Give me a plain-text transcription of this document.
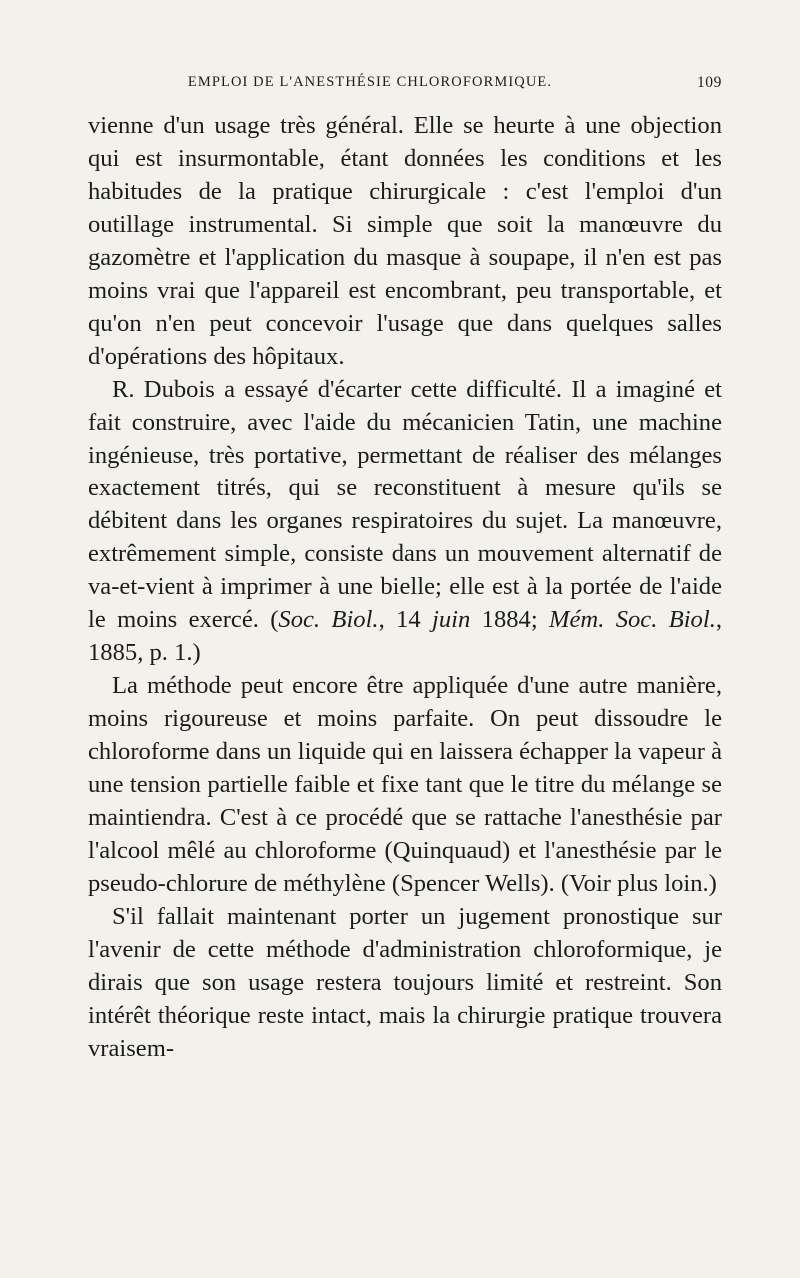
EMPLOI DE L'ANESTHÉSIE CHLOROFORMIQUE.	109

vienne d'un usage très général. Elle se heurte à une objection qui est insurmontable, étant données les conditions et les habitudes de la pratique chirurgicale : c'est l'emploi d'un outillage instrumental. Si simple que soit la manœuvre du gazomètre et l'application du masque à soupape, il n'en est pas moins vrai que l'appareil est encombrant, peu transportable, et qu'on n'en peut concevoir l'usage que dans quelques salles d'opérations des hôpitaux.

R. Dubois a essayé d'écarter cette difficulté. Il a imaginé et fait construire, avec l'aide du mécanicien Tatin, une machine ingénieuse, très portative, permettant de réaliser des mélanges exactement titrés, qui se reconstituent à mesure qu'ils se débitent dans les organes respiratoires du sujet. La manœuvre, extrêmement simple, consiste dans un mouvement alternatif de va-et-vient à imprimer à une bielle; elle est à la portée de l'aide le moins exercé. (Soc. Biol., 14 juin 1884; Mém. Soc. Biol., 1885, p. 1.)

La méthode peut encore être appliquée d'une autre manière, moins rigoureuse et moins parfaite. On peut dissoudre le chloroforme dans un liquide qui en laissera échapper la vapeur à une tension partielle faible et fixe tant que le titre du mélange se maintiendra. C'est à ce procédé que se rattache l'anesthésie par l'alcool mêlé au chloroforme (Quinquaud) et l'anesthésie par le pseudo-chlorure de méthylène (Spencer Wells). (Voir plus loin.)

S'il fallait maintenant porter un jugement pronostique sur l'avenir de cette méthode d'administration chloroformique, je dirais que son usage restera toujours limité et restreint. Son intérêt théorique reste intact, mais la chirurgie pratique trouvera vraisem-
